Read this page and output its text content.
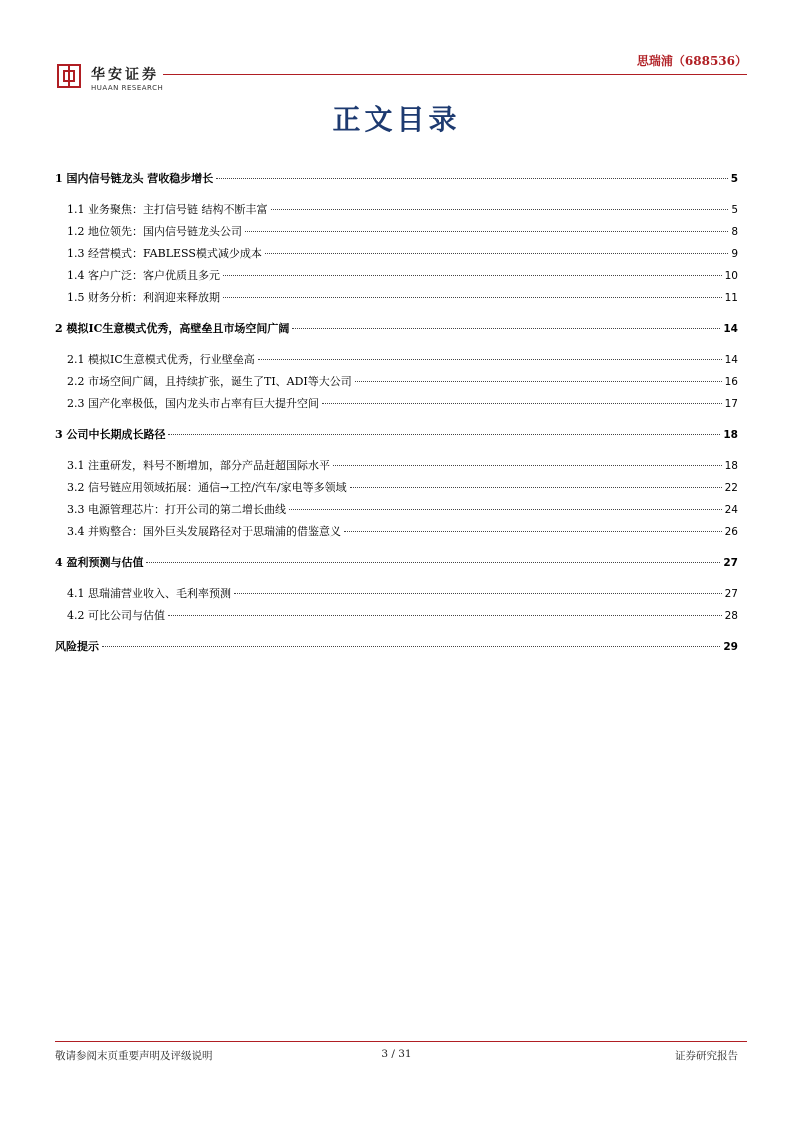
华安证券
HUAAN RESEARCH
思瑞浦（688536）
正文目录
1 国内信号链龙头 营收稳步增长	5
1.1 业务聚焦：主打信号链 结构不断丰富	5
1.2 地位领先：国内信号链龙头公司	8
1.3 经营模式：FABLESS模式减少成本	9
1.4 客户广泛：客户优质且多元	10
1.5 财务分析：利润迎来释放期	11
2 模拟IC生意模式优秀，高壁垒且市场空间广阔	14
2.1 模拟IC生意模式优秀，行业壁垒高	14
2.2 市场空间广阔，且持续扩张，诞生了TI、ADI等大公司	16
2.3 国产化率极低，国内龙头市占率有巨大提升空间	17
3 公司中长期成长路径	18
3.1 注重研发，料号不断增加，部分产品赶超国际水平	18
3.2 信号链应用领域拓展：通信→工控/汽车/家电等多领域	22
3.3 电源管理芯片：打开公司的第二增长曲线	24
3.4 并购整合：国外巨头发展路径对于思瑞浦的借鉴意义	26
4 盈利预测与估值	27
4.1 思瑞浦营业收入、毛利率预测	27
4.2 可比公司与估值	28
风险提示	29
敬请参阅末页重要声明及评级说明	3 / 31	证券研究报告
